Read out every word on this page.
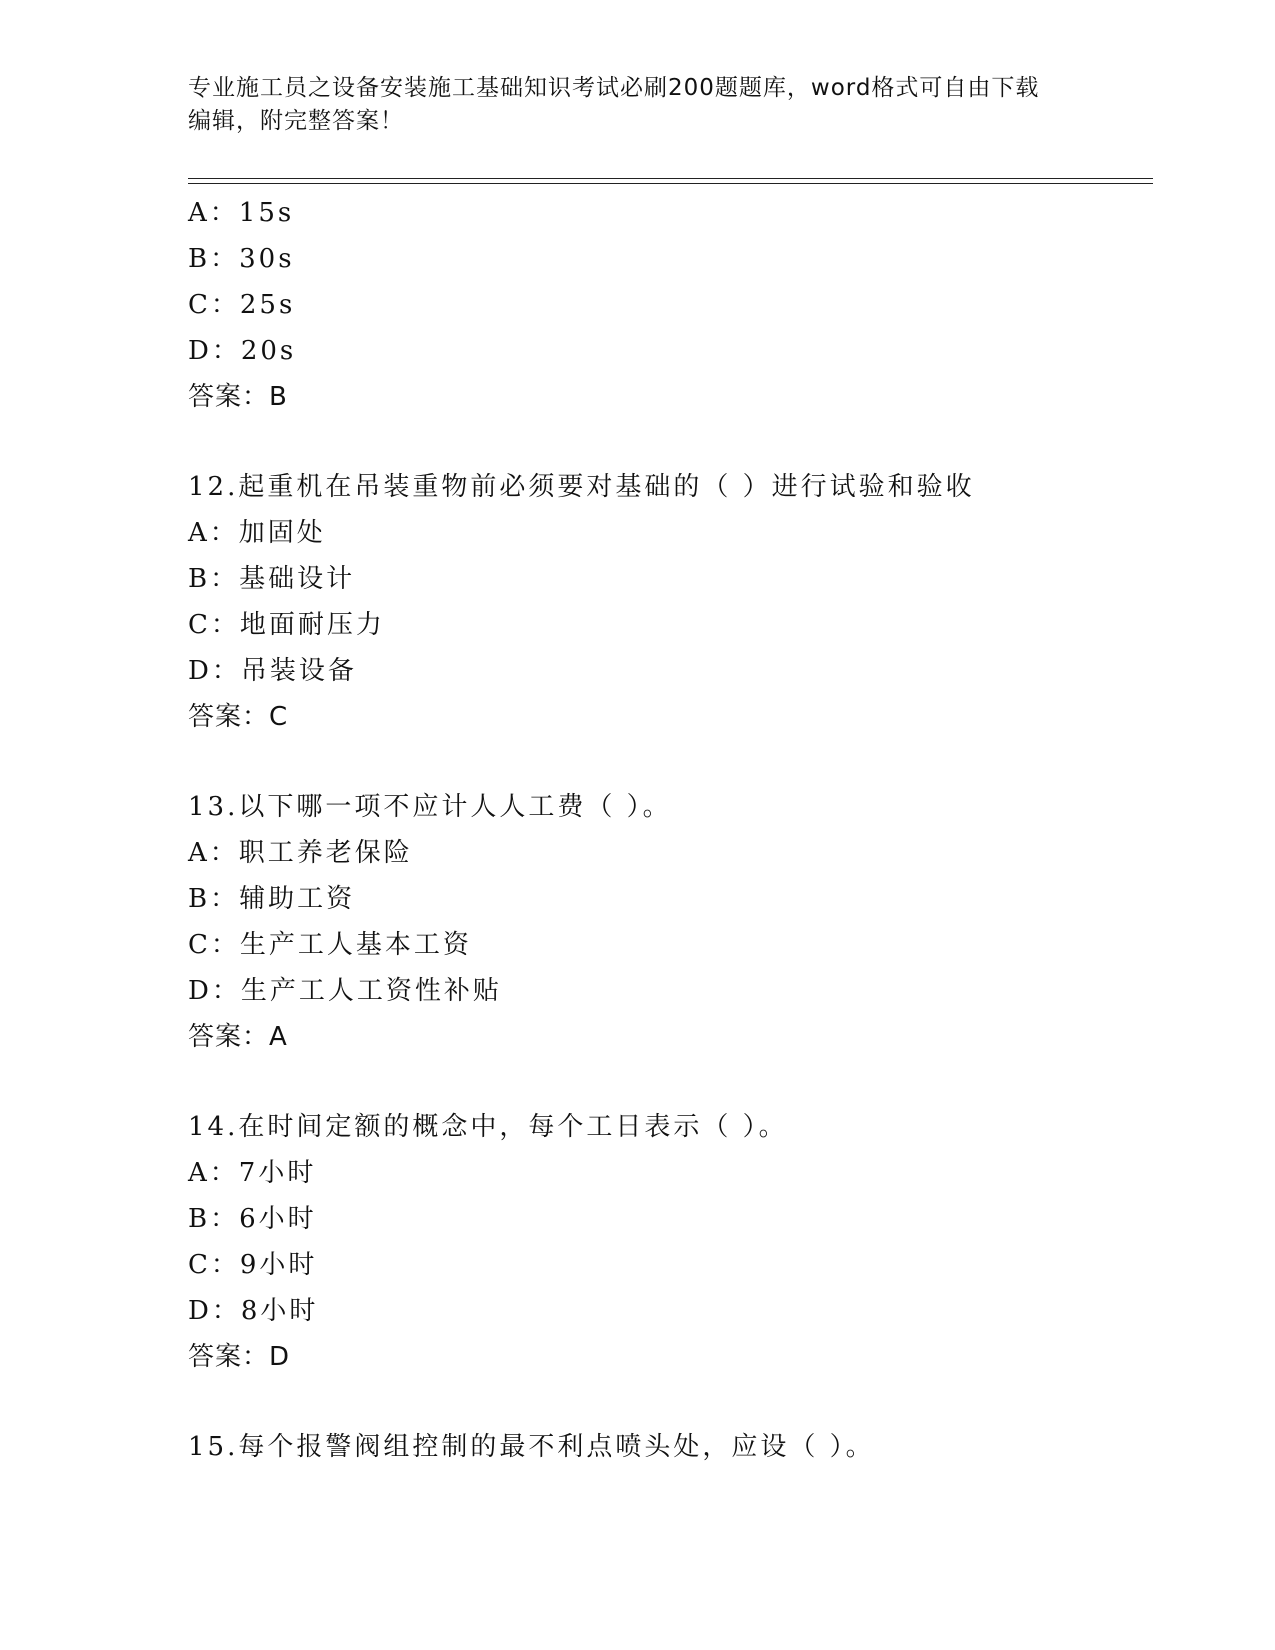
专业施工员之设备安装施工基础知识考试必刷200题题库，word格式可自由下载
编辑，附完整答案！
A：15s
B：30s
C：25s
D：20s
答案：B
12.起重机在吊装重物前必须要对基础的（ ）进行试验和验收
A：加固处
B：基础设计
C：地面耐压力
D：吊装设备
答案：C
13.以下哪一项不应计人人工费（ ）。
A：职工养老保险
B：辅助工资
C：生产工人基本工资
D：生产工人工资性补贴
答案：A
14.在时间定额的概念中，每个工日表示（ ）。
A：7小时
B：6小时
C：9小时
D：8小时
答案：D
15.每个报警阀组控制的最不利点喷头处，应设（ ）。
